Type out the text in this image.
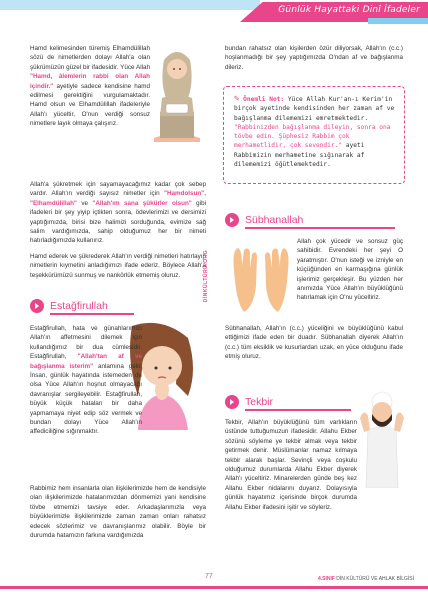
Günlük Hayattaki Dinî İfadeler

Hamd kelimesinden türemiş Elhamdülillah sözü de nimetlerden dolayı Allah'a olan şükrümüzün güzel bir ifadesidir. Yüce Allah "Hamd, âlemlerin rabbi olan Allah içindir." ayetiyle sadece kendisine hamd edilmesi gerektiğini vurgulamaktadır. Hamd olsun ve Elhamdülillah ifadeleriyle Allah'ı yüceltir, O'nun verdiği sonsuz nimetlere layık olmaya çalışırız.

Allah'a şükretmek için sayamayacağımız kadar çok sebep vardır. Allah'ın verdiği sayısız nimetler için "Hamdolsun", "Elhamdülillah" ve "Allah'ım sana şükürler olsun" gibi ifadeleri bir şey yiyip içtikten sonra, ödevlerimizi ve dersimizi yaptığımızda, birisi bize halimizi sorduğunda, evimize sağ salim vardığımızda, sahip olduğumuz her bir nimeti hatırladığımızda kullanırız.

Hamd ederek ve şükrederek Allah'ın verdiği nimetleri hatırlayıp nimetlerin kıymetini anladığımızı ifade ederiz. Böylece Allah'a teşekkürümüzü sunmuş ve nankörlük etmemiş oluruz.

Estağfirullah

Estağfirullah, hata ve günahlarımızı Allah'ın affetmesini dilemek için kullandığımız bir dua cümlesidir. Estağfirullah, "Allah'tan af ve bağışlanma isterim" anlamına gelir. İnsan, günlük hayatında istemeden de olsa Yüce Allah'ın hoşnut olmayacağı davranışlar sergileyebilir. Estağfirullah, büyük küçük hataları bir daha yapmamaya niyet edip söz vermek ve bundan dolayı Yüce Allah'ın affediciliğine sığınmaktır.

Rabbimiz hem insanlarla olan ilişkilerimizde hem de kendisiyle olan ilişkilerimizde hatalarımızdan dönmemizi yani kendisine tövbe etmemizi tavsiye eder. Arkadaşlarımızla veya büyüklerimizle ilişkilerimizde zaman zaman onları rahatsız edecek sözlerimiz ve davranışlarımız olabilir. Böyle bir durumda hatamızın farkına vardığımızda

DİNKÜLTÜRÜ.ORG

bundan rahatsız olan kişilerden özür diliyorsak, Allah'ın (c.c.) hoşlanmadığı bir şey yaptığımızda O'ndan af ve bağışlanma dileriz.

✎ Önemli Not: Yüce Allah Kur'an-ı Kerim'in birçok ayetinde kendisinden her zaman af ve bağışlanma dilememizi emretmektedir. "Rabbinizden bağışlanma dileyin, sonra ona tövbe edin. Şüphesiz Rabbim çok merhametlidir, çok sevendir." ayeti Rabbimizin merhametine sığınarak af dilememizi öğütlemektedir.
Sübhanallah

Allah çok yücedir ve sonsuz güç sahibidir. Evrendeki her şeyi O yaratmıştır. O'nun isteği ve izniyle en küçüğünden en karmaşığına günlük işlerimiz gerçekleşir. Bu yüzden her anımızda Yüce Allah'ın büyüklüğünü hatırlamak için O'nu yüceltiriz.

Sübhanallah, Allah'ın (c.c.) yüceliğini ve büyüklüğünü kabul ettiğimizi ifade eden bir duadır. Sübhanallah diyerek Allah'ın (c.c.) tüm eksiklik ve kusurlardan uzak, en yüce olduğunu ifade etmiş oluruz.

Tekbir

Tekbir, Allah'ın büyüklüğünü tüm varlıkların üstünde tuttuğumuzun ifadesidir. Allahu Ekber sözünü söyleme ye tekbir almak veya tekbir getirmek denir. Müslümanlar namaz kılmaya tekbir alarak başlar. Sevinçli veya coşkulu olduğumuz durumlarda Allahu Ekber diyerek Allah'ı yüceltiriz. Minarelerden günde beş kez Allahu Ekber nidalarını duyarız. Dolayısıyla günlük hayatımız içerisinde birçok durumda Allahu Ekber ifadesini işitir ve söyleriz.

77	4.SINIF DİN KÜLTÜRÜ VE AHLAK BİLGİSİ
